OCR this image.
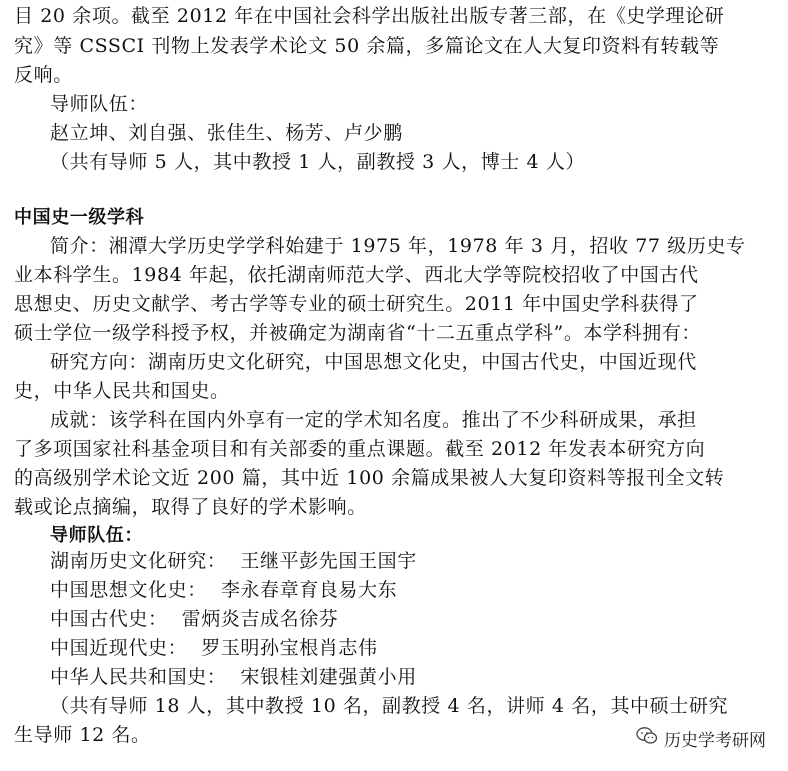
目 20 余项。截至 2012 年在中国社会科学出版社出版专著三部，在《史学理论研
究》等 CSSCI 刊物上发表学术论文 50 余篇，多篇论文在人大复印资料有转载等
反响。
导师队伍：
赵立坤、刘自强、张佳生、杨芳、卢少鹏
（共有导师 5 人，其中教授 1 人，副教授 3 人，博士 4 人）
中国史一级学科
简介：湘潭大学历史学学科始建于 1975 年，1978 年 3 月，招收 77 级历史专
业本科学生。1984 年起，依托湖南师范大学、西北大学等院校招收了中国古代
思想史、历史文献学、考古学等专业的硕士研究生。2011 年中国史学科获得了
硕士学位一级学科授予权，并被确定为湖南省“十二五重点学科”。本学科拥有：
研究方向：湖南历史文化研究，中国思想文化史，中国古代史，中国近现代
史，中华人民共和国史。
成就：该学科在国内外享有一定的学术知名度。推出了不少科研成果，承担
了多项国家社科基金项目和有关部委的重点课题。截至 2012 年发表本研究方向
的高级别学术论文近 200 篇，其中近 100 余篇成果被人大复印资料等报刊全文转
载或论点摘编，取得了良好的学术影响。
导师队伍：
湖南历史文化研究： 王继平彭先国王国宇
中国思想文化史： 李永春章育良易大东
中国古代史： 雷炳炎吉成名徐芬
中国近现代史： 罗玉明孙宝根肖志伟
中华人民共和国史： 宋银桂刘建强黄小用
（共有导师 18 人，其中教授 10 名，副教授 4 名，讲师 4 名，其中硕士研究
生导师 12 名。	历史学考研网
